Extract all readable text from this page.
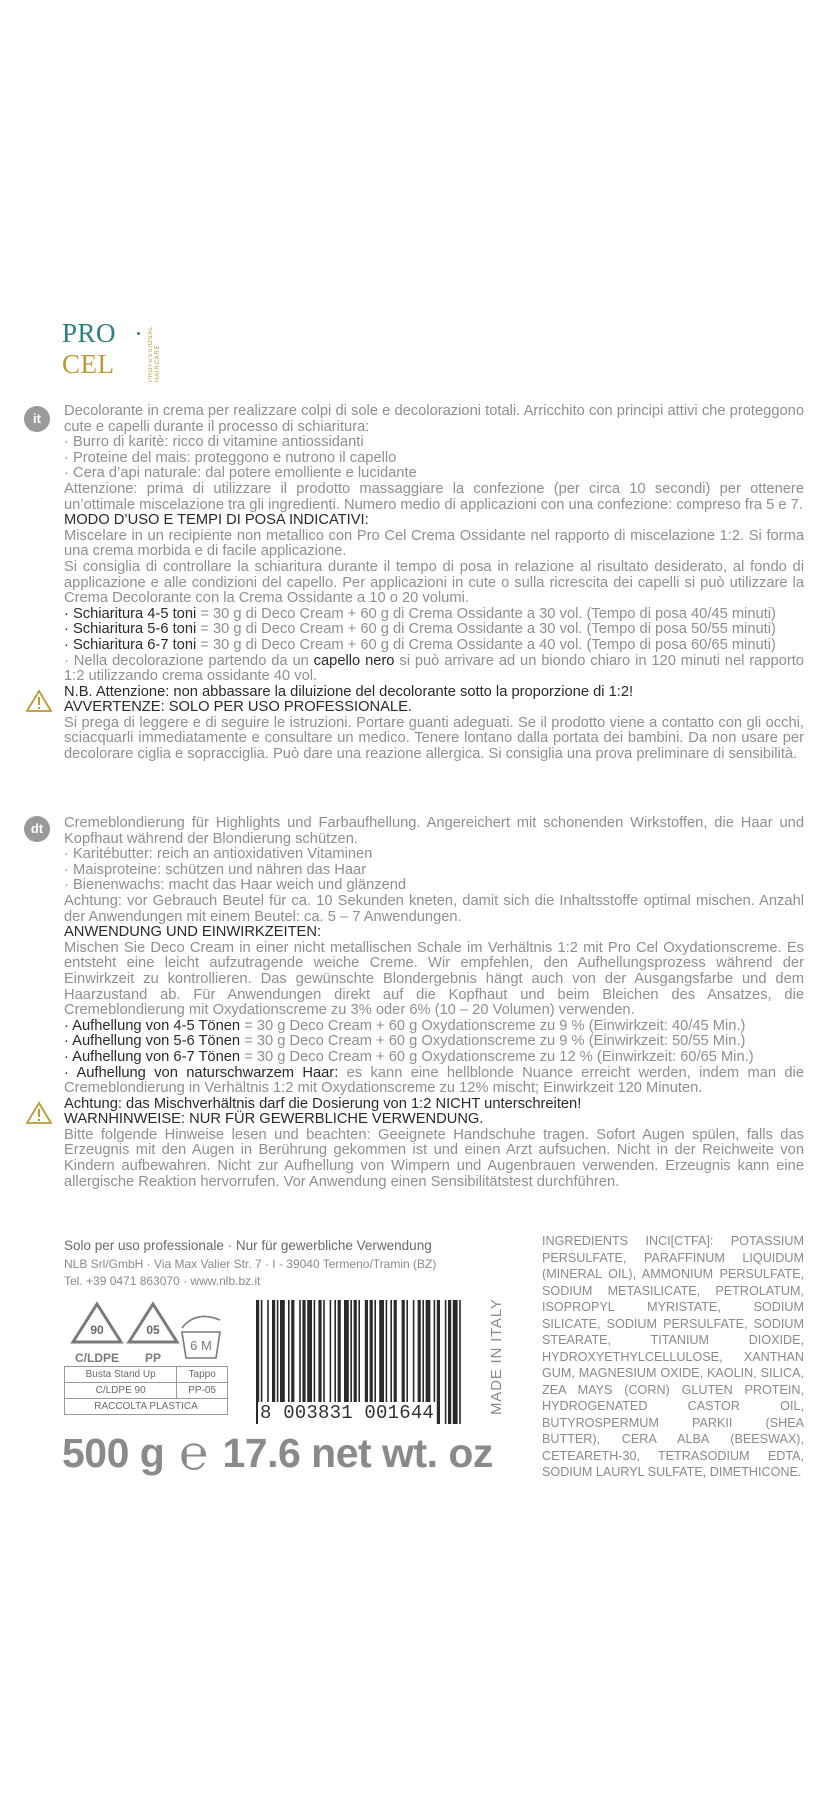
PRO
CEL	PROFESSIONAL HAIRCARE
it	Decolorante in crema per realizzare colpi di sole e decolorazioni totali. Arricchito con principi attivi che proteggono cute e capelli durante il processo di schiaritura:

· Burro di karitè: ricco di vitamine antiossidanti
· Proteine del mais: proteggono e nutrono il capello
· Cera d’api naturale: dal potere emolliente e lucidante

Attenzione: prima di utilizzare il prodotto massaggiare la confezione (per circa 10 secondi) per ottenere un’ottimale miscelazione tra gli ingredienti. Numero medio di applicazioni con una confezione: compreso fra 5 e 7.

MODO D’USO E TEMPI DI POSA INDICATIVI:

Miscelare in un recipiente non metallico con Pro Cel Crema Ossidante nel rapporto di miscelazione 1:2. Si forma una crema morbida e di facile applicazione.

Si consiglia di controllare la schiaritura durante il tempo di posa in relazione al risultato desiderato, al fondo di applicazione e alle condizioni del capello. Per applicazioni in cute o sulla ricrescita dei capelli si può utilizzare la Crema Decolorante con la Crema Ossidante a 10 o 20 volumi.

· Schiaritura 4-5 toni = 30 g di Deco Cream + 60 g di Crema Ossidante a 30 vol. (Tempo di posa 40/45 minuti)
· Schiaritura 5-6 toni = 30 g di Deco Cream + 60 g di Crema Ossidante a 30 vol. (Tempo di posa 50/55 minuti)
· Schiaritura 6-7 toni = 30 g di Deco Cream + 60 g di Crema Ossidante a 40 vol. (Tempo di posa 60/65 minuti)

· Nella decolorazione partendo da un capello nero si può arrivare ad un biondo chiaro in 120 minuti nel rapporto 1:2 utilizzando crema ossidante 40 vol.

N.B. Attenzione: non abbassare la diluizione del decolorante sotto la proporzione di 1:2!

AVVERTENZE: SOLO PER USO PROFESSIONALE.

Si prega di leggere e di seguire le istruzioni. Portare guanti adeguati. Se il prodotto viene a contatto con gli occhi, sciacquarli immediatamente e consultare un medico. Tenere lontano dalla portata dei bambini. Da non usare per decolorare ciglia e sopracciglia. Può dare una reazione allergica. Si consiglia una prova preliminare di sensibilità.

dt	Cremeblondierung für Highlights und Farbaufhellung. Angereichert mit schonenden Wirkstoffen, die Haar und Kopfhaut während der Blondierung schützen.

· Karitébutter: reich an antioxidativen Vitaminen
· Maisproteine: schützen und nähren das Haar
· Bienenwachs: macht das Haar weich und glänzend

Achtung: vor Gebrauch Beutel für ca. 10 Sekunden kneten, damit sich die Inhaltsstoffe optimal mischen. Anzahl der Anwendungen mit einem Beutel: ca. 5 – 7 Anwendungen.

ANWENDUNG UND EINWIRKZEITEN:

Mischen Sie Deco Cream in einer nicht metallischen Schale im Verhältnis 1:2 mit Pro Cel Oxydationscreme. Es entsteht eine leicht aufzutragende weiche Creme. Wir empfehlen, den Aufhellungsprozess während der Einwirkzeit zu kontrollieren. Das gewünschte Blondergebnis hängt auch von der Ausgangsfarbe und dem Haarzustand ab. Für Anwendungen direkt auf die Kopfhaut und beim Bleichen des Ansatzes, die Cremeblondierung mit Oxydationscreme zu 3% oder 6% (10 – 20 Volumen) verwenden.

· Aufhellung von 4-5 Tönen = 30 g Deco Cream + 60 g Oxydationscreme zu 9 % (Einwirkzeit: 40/45 Min.)
· Aufhellung von 5-6 Tönen = 30 g Deco Cream + 60 g Oxydationscreme zu 9 % (Einwirkzeit: 50/55 Min.)
· Aufhellung von 6-7 Tönen = 30 g Deco Cream + 60 g Oxydationscreme zu 12 % (Einwirkzeit: 60/65 Min.)

· Aufhellung von naturschwarzem Haar: es kann eine hellblonde Nuance erreicht werden, indem man die Cremeblondierung in Verhältnis 1:2 mit Oxydationscreme zu 12% mischt; Einwirkzeit 120 Minuten.

Achtung: das Mischverhältnis darf die Dosierung von 1:2 NICHT unterschreiten!

WARNHINWEISE: NUR FÜR GEWERBLICHE VERWENDUNG.

Bitte folgende Hinweise lesen und beachten: Geeignete Handschuhe tragen. Sofort Augen spülen, falls das Erzeugnis mit den Augen in Berührung gekommen ist und einen Arzt aufsuchen. Nicht in der Reichweite von Kindern aufbewahren. Nicht zur Aufhellung von Wimpern und Augenbrauen verwenden. Erzeugnis kann eine allergische Reaktion hervorrufen. Vor Anwendung einen Sensibilitätstest durchführen.

Solo per uso professionale · Nur für gewerbliche Verwendung
NLB Srl/GmbH · Via Max Valier Str. 7 · I - 39040 Termeno/Tramin (BZ)
Tel. +39 0471 863070 · www.nlb.bz.it
90
C/LDPE
05
PP
6 M
Busta Stand Up	Tappo
C/LDPE 90	PP-05
RACCOLTA PLASTICA		8 003831 001644	MADE IN ITALY
500 g ℮ 17.6 net wt. oz
INGREDIENTS INCI[CTFA]: POTASSIUM PERSULFATE, PARAFFINUM LIQUIDUM (MINERAL OIL), AMMONIUM PERSULFATE, SODIUM METASILICATE, PETROLATUM, ISOPROPYL MYRISTATE, SODIUM SILICATE, SODIUM PERSULFATE, SODIUM STEARATE, TITANIUM DIOXIDE, HYDROXYETHYLCELLULOSE, XANTHAN GUM, MAGNESIUM OXIDE, KAOLIN, SILICA, ZEA MAYS (CORN) GLUTEN PROTEIN, HYDROGENATED CASTOR OIL, BUTYROSPERMUM PARKII (SHEA BUTTER), CERA ALBA (BEESWAX), CETEARETH-30, TETRASODIUM EDTA, SODIUM LAURYL SULFATE, DIMETHICONE.
